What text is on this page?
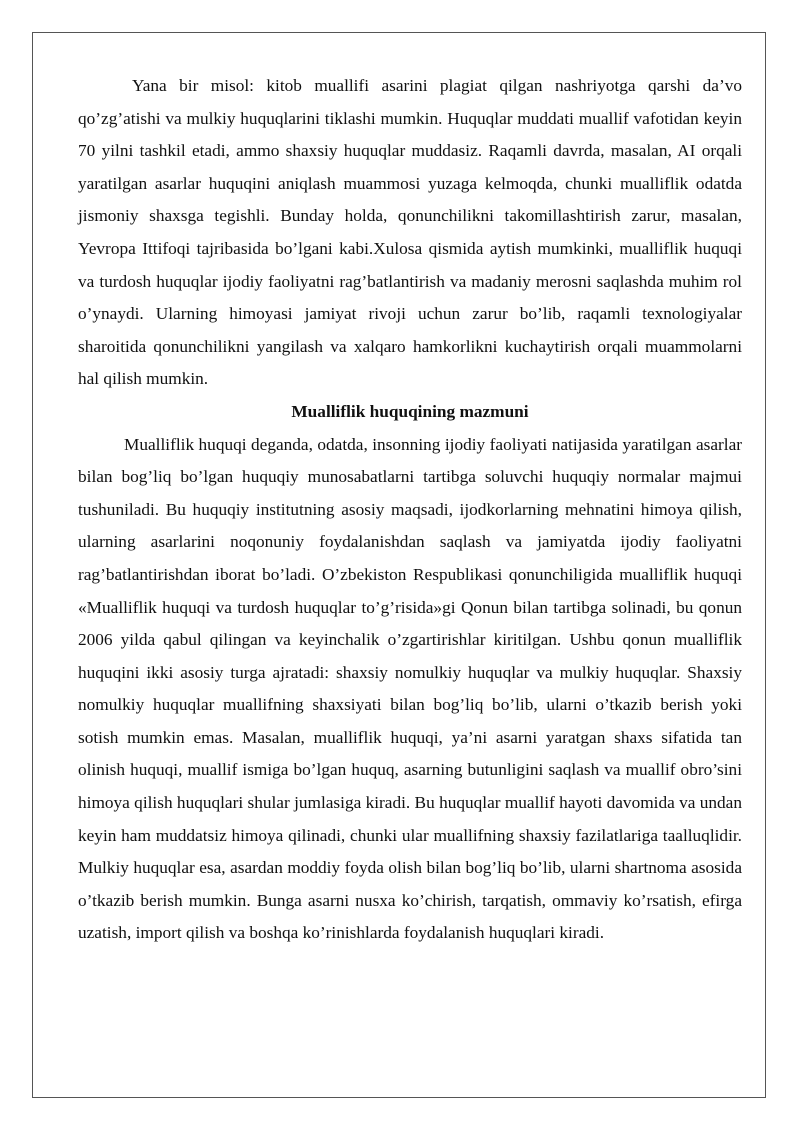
Yana bir misol: kitob muallifi asarini plagiat qilgan nashriyotga qarshi da’vo qo’zg’atishi va mulkiy huquqlarini tiklashi mumkin. Huquqlar muddati muallif vafotidan keyin 70 yilni tashkil etadi, ammo shaxsiy huquqlar muddasiz. Raqamli davrda, masalan, AI orqali yaratilgan asarlar huquqini aniqlash muammosi yuzaga kelmoqda, chunki mualliflik odatda jismoniy shaxsga tegishli. Bunday holda, qonunchilikni takomillashtirish zarur, masalan, Yevropa Ittifoqi tajribasida bo’lgani kabi.Xulosa qismida aytish mumkinki, mualliflik huquqi va turdosh huquqlar ijodiy faoliyatni rag’batlantirish va madaniy merosni saqlashda muhim rol o’ynaydi. Ularning himoyasi jamiyat rivoji uchun zarur bo’lib, raqamli texnologiyalar sharoitida qonunchilikni yangilash va xalqaro hamkorlikni kuchaytirish orqali muammolarni hal qilish mumkin.

Mualliflik huquqining mazmuni

Mualliflik huquqi deganda, odatda, insonning ijodiy faoliyati natijasida yaratilgan asarlar bilan bog’liq bo’lgan huquqiy munosabatlarni tartibga soluvchi huquqiy normalar majmui tushuniladi. Bu huquqiy institutning asosiy maqsadi, ijodkorlarning mehnatini himoya qilish, ularning asarlarini noqonuniy foydalanishdan saqlash va jamiyatda ijodiy faoliyatni rag’batlantirishdan iborat bo’ladi. O’zbekiston Respublikasi qonunchiligida mualliflik huquqi «Mualliflik huquqi va turdosh huquqlar to’g’risida»gi Qonun bilan tartibga solinadi, bu qonun 2006 yilda qabul qilingan va keyinchalik o’zgartirishlar kiritilgan. Ushbu qonun mualliflik huquqini ikki asosiy turga ajratadi: shaxsiy nomulkiy huquqlar va mulkiy huquqlar. Shaxsiy nomulkiy huquqlar muallifning shaxsiyati bilan bog’liq bo’lib, ularni o’tkazib berish yoki sotish mumkin emas. Masalan, mualliflik huquqi, ya’ni asarni yaratgan shaxs sifatida tan olinish huquqi, muallif ismiga bo’lgan huquq, asarning butunligini saqlash va muallif obro’sini himoya qilish huquqlari shular jumlasiga kiradi. Bu huquqlar muallif hayoti davomida va undan keyin ham muddatsiz himoya qilinadi, chunki ular muallifning shaxsiy fazilatlariga taalluqlidir. Mulkiy huquqlar esa, asardan moddiy foyda olish bilan bog’liq bo’lib, ularni shartnoma asosida o’tkazib berish mumkin. Bunga asarni nusxa ko’chirish, tarqatish, ommaviy ko’rsatish, efirga uzatish, import qilish va boshqa ko’rinishlarda foydalanish huquqlari kiradi.
